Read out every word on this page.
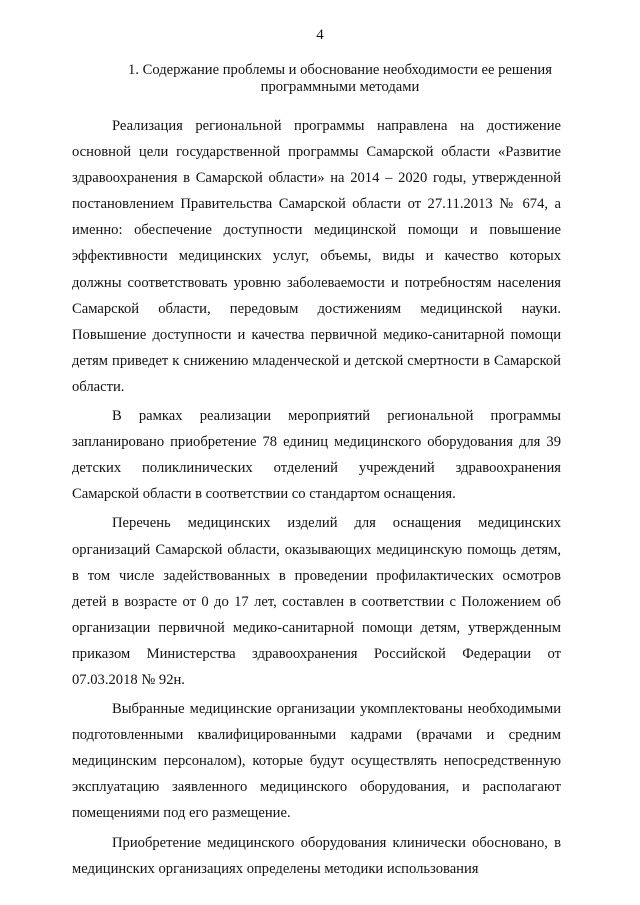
4
1. Содержание проблемы и обоснование необходимости ее решения программными методами

Реализация региональной программы направлена на достижение основной цели государственной программы Самарской области «Развитие здравоохранения в Самарской области» на 2014 – 2020 годы, утвержденной постановлением Правительства Самарской области от 27.11.2013 № 674, а именно: обеспечение доступности медицинской помощи и повышение эффективности медицинских услуг, объемы, виды и качество которых должны соответствовать уровню заболеваемости и потребностям населения Самарской области, передовым достижениям медицинской науки. Повышение доступности и качества первичной медико-санитарной помощи детям приведет к снижению младенческой и детской смертности в Самарской области.

В рамках реализации мероприятий региональной программы запланировано приобретение 78 единиц медицинского оборудования для 39 детских поликлинических отделений учреждений здравоохранения Самарской области в соответствии со стандартом оснащения.

Перечень медицинских изделий для оснащения медицинских организаций Самарской области, оказывающих медицинскую помощь детям, в том числе задействованных в проведении профилактических осмотров детей в возрасте от 0 до 17 лет, составлен в соответствии с Положением об организации первичной медико-санитарной помощи детям, утвержденным приказом Министерства здравоохранения Российской Федерации от 07.03.2018 № 92н.

Выбранные медицинские организации укомплектованы необходимыми подготовленными квалифицированными кадрами (врачами и средним медицинским персоналом), которые будут осуществлять непосредственную эксплуатацию заявленного медицинского оборудования, и располагают помещениями под его размещение.

Приобретение медицинского оборудования клинически обосновано, в медицинских организациях определены методики использования
